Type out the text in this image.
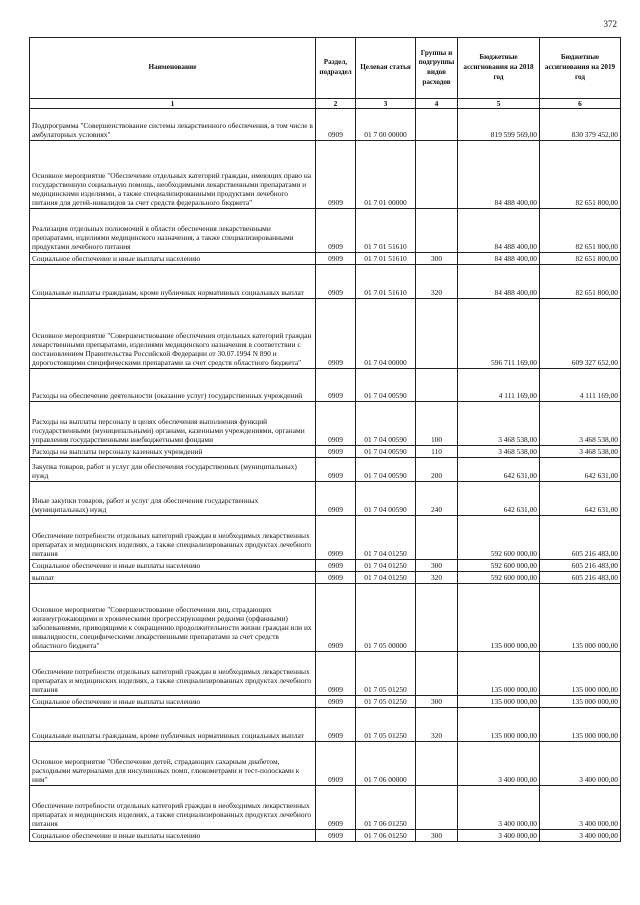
372
Наименование	Раздел, подраздел	Целевая статья	Группы и подгруппы видов расходов	Бюджетные ассигнования на 2018 год	Бюджетные ассигнования на 2019 год
1	2	3	4	5	6
Подпрограмма "Совершенствование системы лекарственного обеспечения, в том числе в амбулаторных условиях"	0909	01 7 00 00000		819 599 569,00	830 379 452,00
Основное мероприятие "Обеспечение отдельных категорий граждан, имеющих право на государственную социальную помощь, необходимыми лекарственными препаратами и медицинскими изделиями, а также специализированными продуктами лечебного питания для детей-инвалидов за счет средств федерального бюджета"	0909	01 7 01 00000		84 488 400,00	82 651 800,00
Реализация отдельных полномочий в области обеспечения лекарственными препаратами, изделиями медицинского назначения, а также специализированными продуктами лечебного питания	0909	01 7 01 51610		84 488 400,00	82 651 800,00
Социальное обеспечение и иные выплаты населению	0909	01 7 01 51610	300	84 488 400,00	82 651 800,00
Социальные выплаты гражданам, кроме публичных нормативных социальных выплат	0909	01 7 01 51610	320	84 488 400,00	82 651 800,00
Основное мероприятие "Совершенствование обеспечения отдельных категорий граждан лекарственными препаратами, изделиями медицинского назначения в соответствии с постановлением Правительства Российской Федерации от 30.07.1994 N 890 и дорогостоящими специфическими препаратами за счет средств областного бюджета"	0909	01 7 04 00000		596 711 169,00	609 327 652,00
Расходы на обеспечение деятельности (оказание услуг) государственных учреждений	0909	01 7 04 00590		4 111 169,00	4 111 169,00
Расходы на выплаты персоналу в целях обеспечения выполнения функций государственными (муниципальными) органами, казенными учреждениями, органами управления государственными внебюджетными фондами	0909	01 7 04 00590	100	3 468 538,00	3 468 538,00
Расходы на выплаты персоналу казенных учреждений	0909	01 7 04 00590	110	3 468 538,00	3 468 538,00
Закупка товаров, работ и услуг для обеспечения государственных (муниципальных) нужд	0909	01 7 04 00590	200	642 631,00	642 631,00
Иные закупки товаров, работ и услуг для обеспечения государственных (муниципальных) нужд	0909	01 7 04 00590	240	642 631,00	642 631,00
Обеспечение потребности отдельных категорий граждан в необходимых лекарственных препаратах и медицинских изделиях, а также специализированных продуктах лечебного питания	0909	01 7 04 01250		592 600 000,00	605 216 483,00
Социальное обеспечение и иные выплаты населению	0909	01 7 04 01250	300	592 600 000,00	605 216 483,00
выплат	0909	01 7 04 01250	320	592 600 000,00	605 216 483,00
Основное мероприятие "Совершенствование обеспечения лиц, страдающих жизнеугрожающими и хроническими прогрессирующими редкими (орфанными) заболеваниями, приводящими к сокращению продолжительности жизни граждан или их инвалидности, специфическими лекарственными препаратами за счет средств областного бюджета"	0909	01 7 05 00000		135 000 000,00	135 000 000,00
Обеспечение потребности отдельных категорий граждан в необходимых лекарственных препаратах и медицинских изделиях, а также специализированных продуктах лечебного питания	0909	01 7 05 01250		135 000 000,00	135 000 000,00
Социальное обеспечение и иные выплаты населению	0909	01 7 05 01250	300	135 000 000,00	135 000 000,00
Социальные выплаты гражданам, кроме публичных нормативных социальных выплат	0909	01 7 05 01250	320	135 000 000,00	135 000 000,00
Основное мероприятие "Обеспечение детей, страдающих сахарным диабетом, расходными материалами для инсулиновых помп, глюкометрами и тест-полосками к ним"	0909	01 7 06 00000		3 400 000,00	3 400 000,00
Обеспечение потребности отдельных категорий граждан в необходимых лекарственных препаратах и медицинских изделиях, а также специализированных продуктах лечебного питания	0909	01 7 06 01250		3 400 000,00	3 400 000,00
Социальное обеспечение и иные выплаты населению	0909	01 7 06 01250	300	3 400 000,00	3 400 000,00
